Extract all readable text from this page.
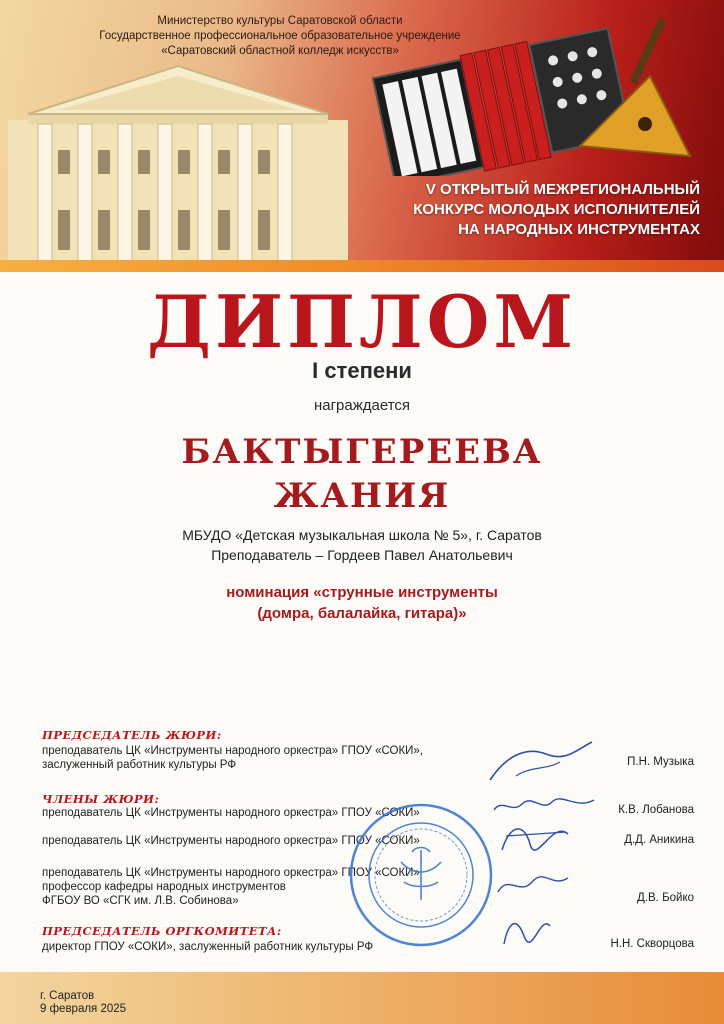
Министерство культуры Саратовской области
Государственное профессиональное образовательное учреждение
«Саратовский областной колледж искусств»
V ОТКРЫТЫЙ МЕЖРЕГИОНАЛЬНЫЙ
КОНКУРС МОЛОДЫХ ИСПОЛНИТЕЛЕЙ
НА НАРОДНЫХ ИНСТРУМЕНТАХ
ДИПЛОМ
I степени
награждается
БАКТЫГЕРЕЕВА
ЖАНИЯ
МБУДО «Детская музыкальная школа № 5», г. Саратов
Преподаватель – Гордеев Павел Анатольевич
номинация «струнные инструменты
(домра, балалайка, гитара)»
ПРЕДСЕДАТЕЛЬ ЖЮРИ:
преподаватель ЦК «Инструменты народного оркестра» ГПОУ «СОКИ»,
заслуженный работник культуры РФ	П.Н. Музыка
ЧЛЕНЫ ЖЮРИ:
преподаватель ЦК «Инструменты народного оркестра» ГПОУ «СОКИ»	К.В. Лобанова
преподаватель ЦК «Инструменты народного оркестра» ГПОУ «СОКИ»	Д.Д. Аникина
преподаватель ЦК «Инструменты народного оркестра» ГПОУ «СОКИ»
профессор кафедры народных инструментов
ФГБОУ ВО «СГК им. Л.В. Собинова»	Д.В. Бойко
ПРЕДСЕДАТЕЛЬ ОРГКОМИТЕТА:
директор ГПОУ «СОКИ», заслуженный работник культуры РФ	Н.Н. Скворцова
г. Саратов
9 февраля 2025
